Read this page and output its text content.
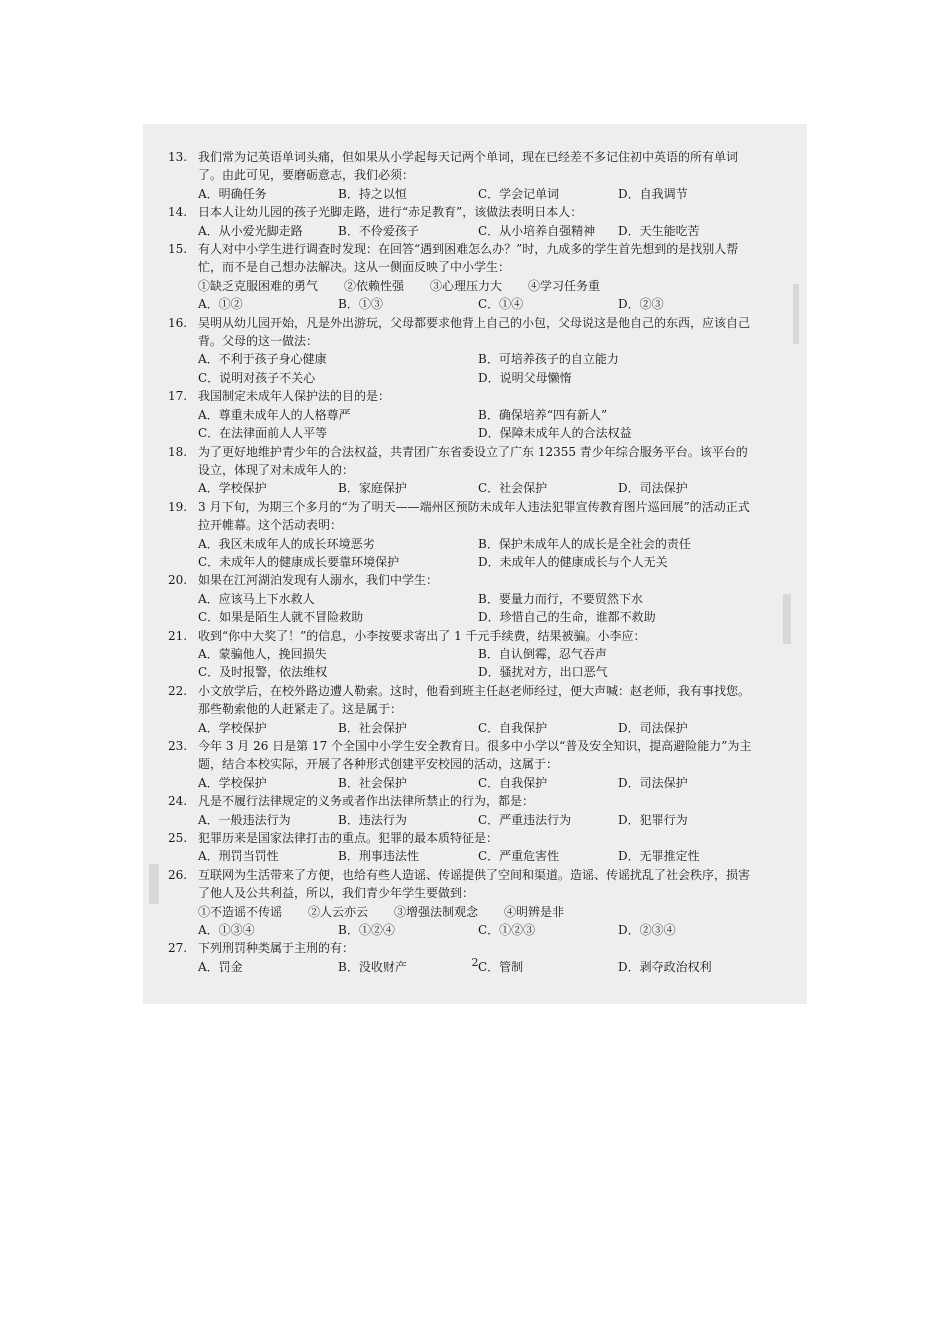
13. 我们常为记英语单词头痛，但如果从小学起每天记两个单词，现在已经差不多记住初中英语的所有单词了。由此可见，要磨砺意志，我们必须：
A．明确任务	B．持之以恒	C．学会记单词	D．自我调节
14. 日本人让幼儿园的孩子光脚走路，进行“赤足教育”，该做法表明日本人：
A．从小爱光脚走路	B．不伶爱孩子	C．从小培养自强精神	D．天生能吃苦
15. 有人对中小学生进行调查时发现：在回答“遇到困难怎么办？”时，九成多的学生首先想到的是找别人帮忙，而不是自己想办法解决。这从一侧面反映了中小学生：
①缺乏克服困难的勇气 ②依赖性强 ③心理压力大 ④学习任务重
A．①②	B．①③	C．①④	D．②③
16. 吴明从幼儿园开始，凡是外出游玩，父母都要求他背上自己的小包，父母说这是他自己的东西，应该自己背。父母的这一做法：
A．不利于孩子身心健康	B．可培养孩子的自立能力
C．说明对孩子不关心	D．说明父母懒惰
17. 我国制定未成年人保护法的目的是：
A．尊重未成年人的人格尊严	B．确保培养“四有新人”
C．在法律面前人人平等	D．保障未成年人的合法权益
18. 为了更好地维护青少年的合法权益，共青团广东省委设立了广东 12355 青少年综合服务平台。该平台的设立，体现了对未成年人的：
A．学校保护	B．家庭保护	C．社会保护	D．司法保护
19. 3 月下旬，为期三个多月的“为了明天——端州区预防未成年人违法犯罪宣传教育图片巡回展”的活动正式拉开帷幕。这个活动表明：
A．我区未成年人的成长环境恶劣	B．保护未成年人的成长是全社会的责任
C．未成年人的健康成长要靠环境保护	D．未成年人的健康成长与个人无关
20. 如果在江河湖泊发现有人溺水，我们中学生：
A．应该马上下水救人	B．要量力而行，不要贸然下水
C．如果是陌生人就不冒险救助	D．珍惜自己的生命，谁都不救助
21. 收到“你中大奖了！”的信息，小李按要求寄出了 1 千元手续费，结果被骗。小李应：
A．蒙骗他人，挽回损失	B．自认倒霉，忍气吞声
C．及时报警，依法维权	D．骚扰对方，出口恶气
22. 小文放学后，在校外路边遭人勒索。这时，他看到班主任赵老师经过，便大声喊：赵老师，我有事找您。那些勒索他的人赶紧走了。这是属于：
A．学校保护	B．社会保护	C．自我保护	D．司法保护
23. 今年 3 月 26 日是第 17 个全国中小学生安全教育日。很多中小学以“普及安全知识，提高避险能力”为主题，结合本校实际，开展了各种形式创建平安校园的活动，这属于：
A．学校保护	B．社会保护	C．自我保护	D．司法保护
24. 凡是不履行法律规定的义务或者作出法律所禁止的行为，都是：
A．一般违法行为	B．违法行为	C．严重违法行为	D．犯罪行为
25. 犯罪历来是国家法律打击的重点。犯罪的最本质特征是：
A．刑罚当罚性	B．刑事违法性	C．严重危害性	D．无罪推定性
26. 互联网为生活带来了方便，也给有些人造谣、传谣提供了空间和渠道。造谣、传谣扰乱了社会秩序，损害了他人及公共利益，所以，我们青少年学生要做到：
①不造谣不传谣 ②人云亦云 ③增强法制观念 ④明辨是非
A．①③④	B．①②④	C．①②③	D．②③④
27. 下列刑罚种类属于主刑的有：
A．罚金	B．没收财产	C．管制	D．剥夺政治权利
2
